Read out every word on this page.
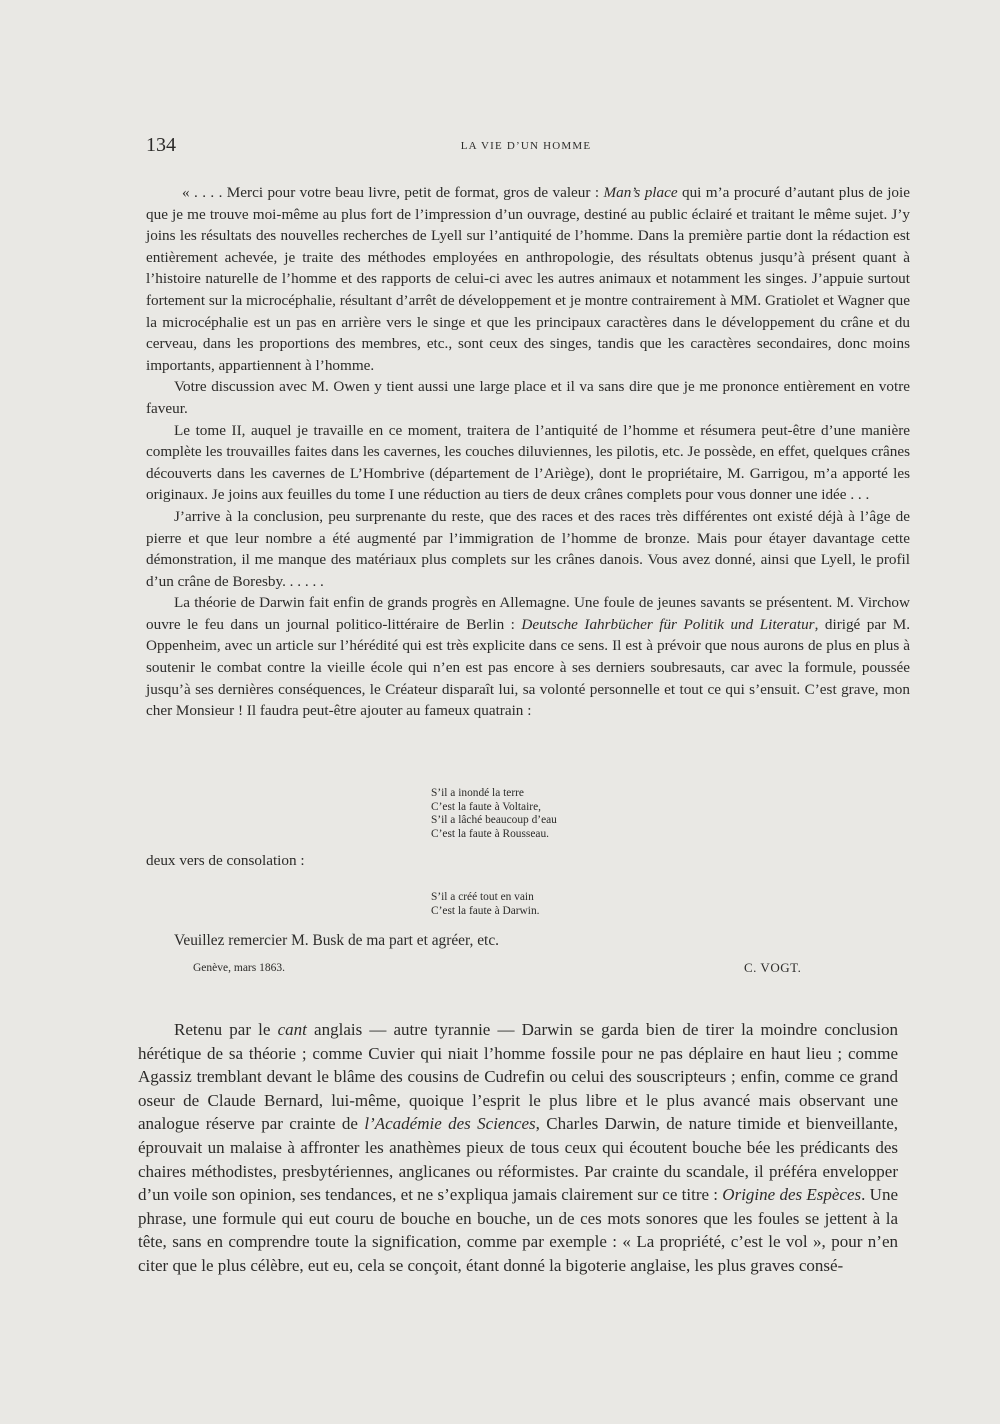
134	LA VIE D’UN HOMME

« . . . . Merci pour votre beau livre, petit de format, gros de valeur : Man’s place qui m’a procuré d’autant plus de joie que je me trouve moi-même au plus fort de l’impression d’un ouvrage, destiné au public éclairé et traitant le même sujet. J’y joins les résultats des nouvelles recherches de Lyell sur l’antiquité de l’homme. Dans la première partie dont la rédaction est entièrement achevée, je traite des méthodes employées en anthropologie, des résultats obtenus jusqu’à présent quant à l’histoire naturelle de l’homme et des rapports de celui-ci avec les autres animaux et notamment les singes. J’appuie surtout fortement sur la microcéphalie, résultant d’arrêt de développement et je montre contrairement à MM. Gratiolet et Wagner que la microcéphalie est un pas en arrière vers le singe et que les principaux caractères dans le développement du crâne et du cerveau, dans les proportions des membres, etc., sont ceux des singes, tandis que les caractères secondaires, donc moins importants, appartiennent à l’homme.

Votre discussion avec M. Owen y tient aussi une large place et il va sans dire que je me prononce entièrement en votre faveur.

Le tome II, auquel je travaille en ce moment, traitera de l’antiquité de l’homme et résumera peut-être d’une manière complète les trouvailles faites dans les cavernes, les couches diluviennes, les pilotis, etc. Je possède, en effet, quelques crânes découverts dans les cavernes de L’Hombrive (département de l’Ariège), dont le propriétaire, M. Garrigou, m’a apporté les originaux. Je joins aux feuilles du tome I une réduction au tiers de deux crânes complets pour vous donner une idée . . .

J’arrive à la conclusion, peu surprenante du reste, que des races et des races très différentes ont existé déjà à l’âge de pierre et que leur nombre a été augmenté par l’immigration de l’homme de bronze. Mais pour étayer davantage cette démonstration, il me manque des matériaux plus complets sur les crânes danois. Vous avez donné, ainsi que Lyell, le profil d’un crâne de Boresby. . . . . .

La théorie de Darwin fait enfin de grands progrès en Allemagne. Une foule de jeunes savants se présentent. M. Virchow ouvre le feu dans un journal politico-littéraire de Berlin : Deutsche Iahrbücher für Politik und Literatur, dirigé par M. Oppenheim, avec un article sur l’hérédité qui est très explicite dans ce sens. Il est à prévoir que nous aurons de plus en plus à soutenir le combat contre la vieille école qui n’en est pas encore à ses derniers soubresauts, car avec la formule, poussée jusqu’à ses dernières conséquences, le Créateur disparaît lui, sa volonté personnelle et tout ce qui s’ensuit. C’est grave, mon cher Monsieur ! Il faudra peut-être ajouter au fameux quatrain :

S’il a inondé la terre
C’est la faute à Voltaire,
S’il a lâché beaucoup d’eau
C’est la faute à Rousseau.
deux vers de consolation :
S’il a créé tout en vain
C’est la faute à Darwin.
Veuillez remercier M. Busk de ma part et agréer, etc.
Genève, mars 1863.	C. VOGT.

Retenu par le cant anglais — autre tyrannie — Darwin se garda bien de tirer la moindre conclusion hérétique de sa théorie ; comme Cuvier qui niait l’homme fossile pour ne pas déplaire en haut lieu ; comme Agassiz tremblant devant le blâme des cousins de Cudrefin ou celui des souscripteurs ; enfin, comme ce grand oseur de Claude Bernard, lui-même, quoique l’esprit le plus libre et le plus avancé mais observant une analogue réserve par crainte de l’Académie des Sciences, Charles Darwin, de nature timide et bienveillante, éprouvait un malaise à affronter les anathèmes pieux de tous ceux qui écoutent bouche bée les prédicants des chaires méthodistes, presbytériennes, anglicanes ou réformistes. Par crainte du scandale, il préféra envelopper d’un voile son opinion, ses tendances, et ne s’expliqua jamais clairement sur ce titre : Origine des Espèces. Une phrase, une formule qui eut couru de bouche en bouche, un de ces mots sonores que les foules se jettent à la tête, sans en comprendre toute la signification, comme par exemple : « La propriété, c’est le vol », pour n’en citer que le plus célèbre, eut eu, cela se conçoit, étant donné la bigoterie anglaise, les plus graves consé-
